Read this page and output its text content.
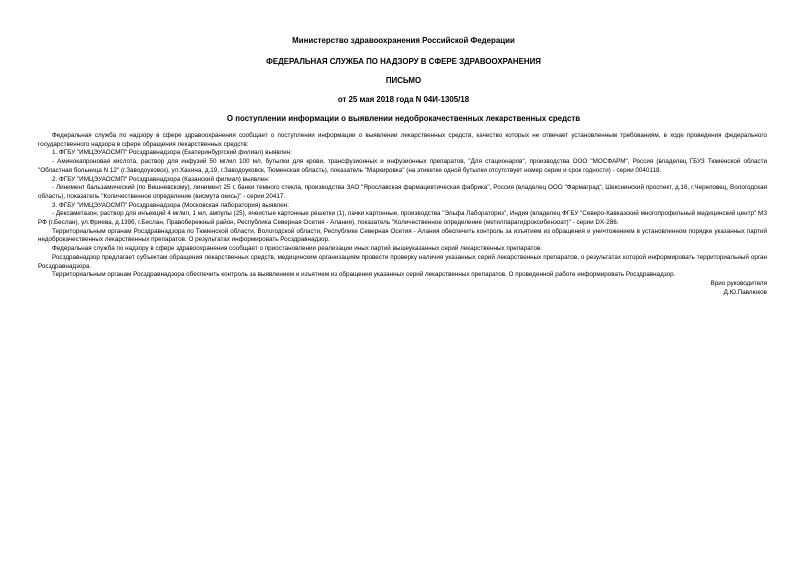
Министерство здравоохранения Российской Федерации
ФЕДЕРАЛЬНАЯ СЛУЖБА ПО НАДЗОРУ В СФЕРЕ ЗДРАВООХРАНЕНИЯ
ПИСЬМО
от 25 мая 2018 года N 04И-1305/18
О поступлении информации о выявлении недоброкачественных лекарственных средств

Федеральная служба по надзору в сфере здравоохранения сообщает о поступлении информации о выявлении лекарственных средств, качество которых не отвечает установленным требованиям, в ходе проведения федерального государственного надзора в сфере обращения лекарственных средств:

1. ФГБУ "ИМЦЭУАОСМП" Росздравнадзора (Екатеринбургский филиал) выявлен:

- Аминокапроновая кислота, раствор для инфузий 50 мг/мл 100 мл, бутылки для крови, трансфузионных и инфузионных препаратов, "Для стационаров", производства ООО "МОСФАРМ", Россия (владелец ГБУЗ Тюменской области "Областная больница N 12" (г.Заводоуковск), ул.Хахина, д.19, г.Заводоуковск, Тюменская область), показатель "Маркировка" (на этикетке одной бутылки отсутствует номер серии и срок годности) - серии 0040118.

2. ФГБУ "ИМЦЭУАОСМП" Росздравнадзора (Казанский филиал) выявлен:

- Линимент бальзамический (по Вишневскому), линимент 25 г, банки темного стекла, производства ЗАО "Ярославская фармацевтическая фабрика", Россия (владелец ООО "Фармаград", Шекснинский проспект, д.16, г.Череповец, Вологодская область), показатель "Количественное определение (висмута окись)" - серии 20417.

3. ФГБУ "ИМЦЭУАОСМП" Росздравнадзора (Московская лаборатория) выявлен:

- Дексаметазон, раствор для инъекций 4 мг/мл, 1 мл, ампулы (25), ячеистые картонные решетки (1), пачки картонные, производства "Эльфа Лабораториз", Индия (владелец ФГБУ "Северо-Кавказский многопрофильный медицинский центр" МЗ РФ (г.Беслан), ул.Фриева, д.139б, г.Беслан, Правобережный район, Республика Северная Осетия - Алания), показатель "Количественное определение (метилпарагидроксибензоат)" - серии DX-286.

Территориальным органам Росздравнадзора по Тюменской области, Вологодской области, Республике Северная Осетия - Алания обеспечить контроль за изъятием из обращения и уничтожением в установленном порядке указанных партий недоброкачественных лекарственных препаратов. О результатах информировать Росздравнадзор.

Федеральная служба по надзору в сфере здравоохранения сообщает о приостановлении реализации иных партий вышеуказанных серий лекарственных препаратов.

Росздравнадзор предлагает субъектам обращения лекарственных средств, медицинским организациям провести проверку наличия указанных серий лекарственных препаратов, о результатах которой информировать территориальный орган Росздравнадзора.

Территориальным органам Росздравнадзора обеспечить контроль за выявлением и изъятием из обращения указанных серий лекарственных препаратов. О проведенной работе информировать Росздравнадзор.

Врио руководителя

Д.Ю.Павлюков
